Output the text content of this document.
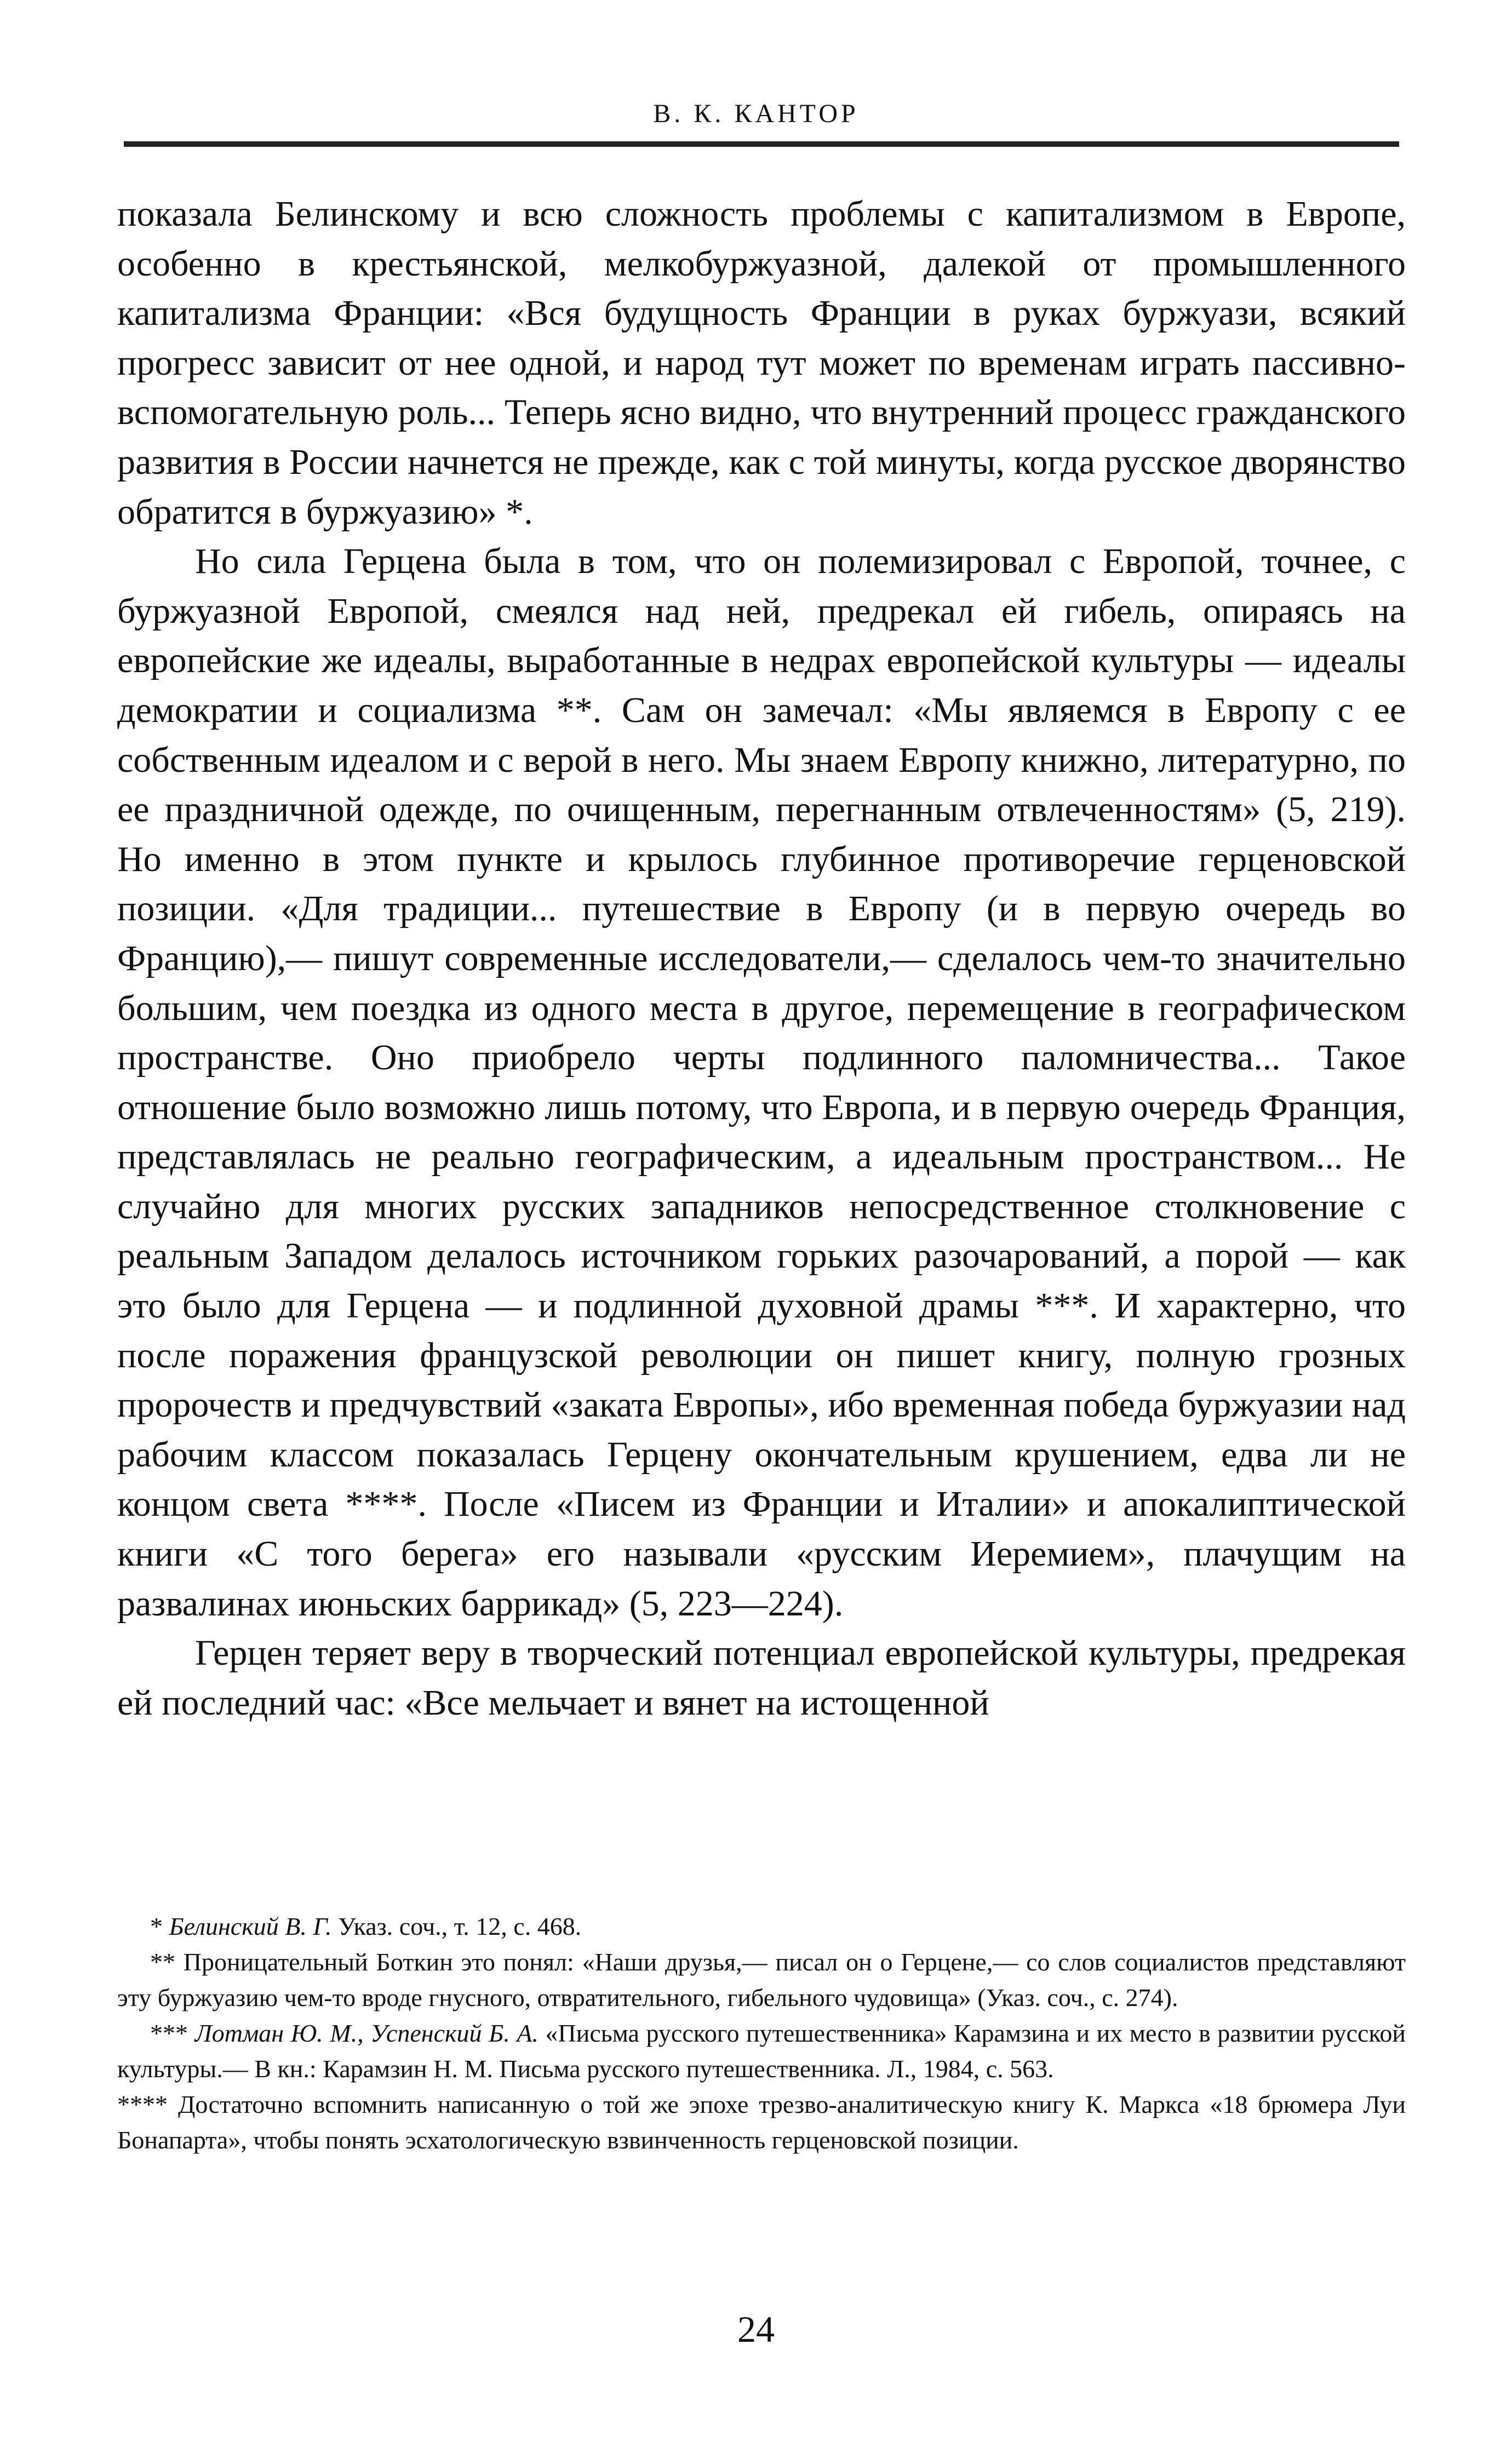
В. К. КАНТОР

показала Белинскому и всю сложность проблемы с капитализмом в Европе, особенно в крестьянской, мелкобуржуазной, далекой от промышленного капитализма Франции: «Вся будущность Франции в руках буржуази, всякий прогресс зависит от нее одной, и народ тут может по временам играть пассивно-вспомогательную роль... Теперь ясно видно, что внутренний процесс гражданского развития в России начнется не прежде, как с той минуты, когда русское дворянство обратится в буржуазию» *.

Но сила Герцена была в том, что он полемизировал с Европой, точнее, с буржуазной Европой, смеялся над ней, предрекал ей гибель, опираясь на европейские же идеалы, выработанные в недрах европейской культуры — идеалы демократии и социализма **. Сам он замечал: «Мы являемся в Европу с ее собственным идеалом и с верой в него. Мы знаем Европу книжно, литературно, по ее праздничной одежде, по очищенным, перегнанным отвлеченностям» (5, 219). Но именно в этом пункте и крылось глубинное противоречие герценовской позиции. «Для традиции... путешествие в Европу (и в первую очередь во Францию),— пишут современные исследователи,— сделалось чем-то значительно большим, чем поездка из одного места в другое, перемещение в географическом пространстве. Оно приобрело черты подлинного паломничества... Такое отношение было возможно лишь потому, что Европа, и в первую очередь Франция, представлялась не реально географическим, а идеальным пространством... Не случайно для многих русских западников непосредственное столкновение с реальным Западом делалось источником горьких разочарований, а порой — как это было для Герцена — и подлинной духовной драмы ***. И характерно, что после поражения французской революции он пишет книгу, полную грозных пророчеств и предчувствий «заката Европы», ибо временная победа буржуазии над рабочим классом показалась Герцену окончательным крушением, едва ли не концом света ****. После «Писем из Франции и Италии» и апокалиптической книги «С того берега» его называли «русским Иеремием», плачущим на развалинах июньских баррикад» (5, 223—224).

Герцен теряет веру в творческий потенциал европейской культуры, предрекая ей последний час: «Все мельчает и вянет на истощенной

* Белинский В. Г. Указ. соч., т. 12, с. 468.

** Проницательный Боткин это понял: «Наши друзья,— писал он о Герцене,— со слов социалистов представляют эту буржуазию чем-то вроде гнусного, отвратительного, гибельного чудовища» (Указ. соч., с. 274).

*** Лотман Ю. М., Успенский Б. А. «Письма русского путешественника» Карамзина и их место в развитии русской культуры.— В кн.: Карамзин Н. М. Письма русского путешественника. Л., 1984, с. 563.

**** Достаточно вспомнить написанную о той же эпохе трезво-аналитическую книгу К. Маркса «18 брюмера Луи Бонапарта», чтобы понять эсхатологическую взвинченность герценовской позиции.

24
